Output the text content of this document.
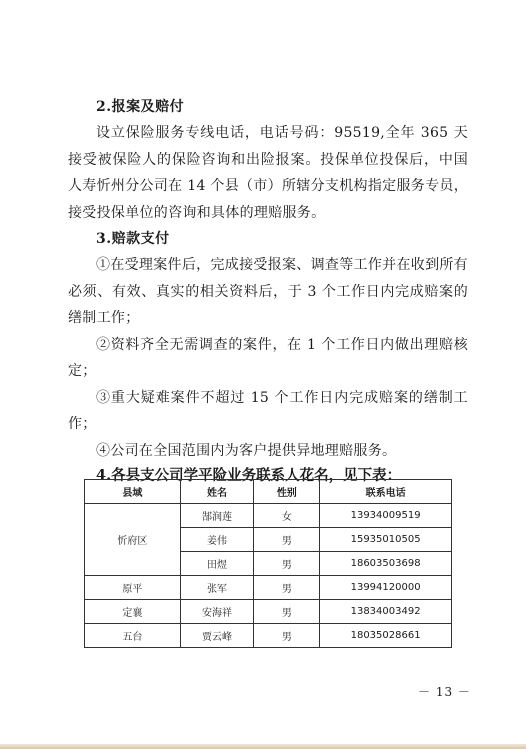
2.报案及赔付

设立保险服务专线电话，电话号码：95519,全年 365 天接受被保险人的保险咨询和出险报案。投保单位投保后，中国人寿忻州分公司在 14 个县（市）所辖分支机构指定服务专员，接受投保单位的咨询和具体的理赔服务。

3.赔款支付

①在受理案件后，完成接受报案、调查等工作并在收到所有必须、有效、真实的相关资料后，于 3 个工作日内完成赔案的缮制工作；

②资料齐全无需调查的案件，在 1 个工作日内做出理赔核定；

③重大疑难案件不超过 15 个工作日内完成赔案的缮制工作；

④公司在全国范围内为客户提供异地理赔服务。

4.各县支公司学平险业务联系人花名，见下表：
县域	姓名	性别	联系电话
忻府区	郜润莲	女	13934009519
	姜伟	男	15935010505
	田煜	男	18603503698
原平	张军	男	13994120000
定襄	安海祥	男	13834003492
五台	贾云峰	男	18035028661
－ 13 －
